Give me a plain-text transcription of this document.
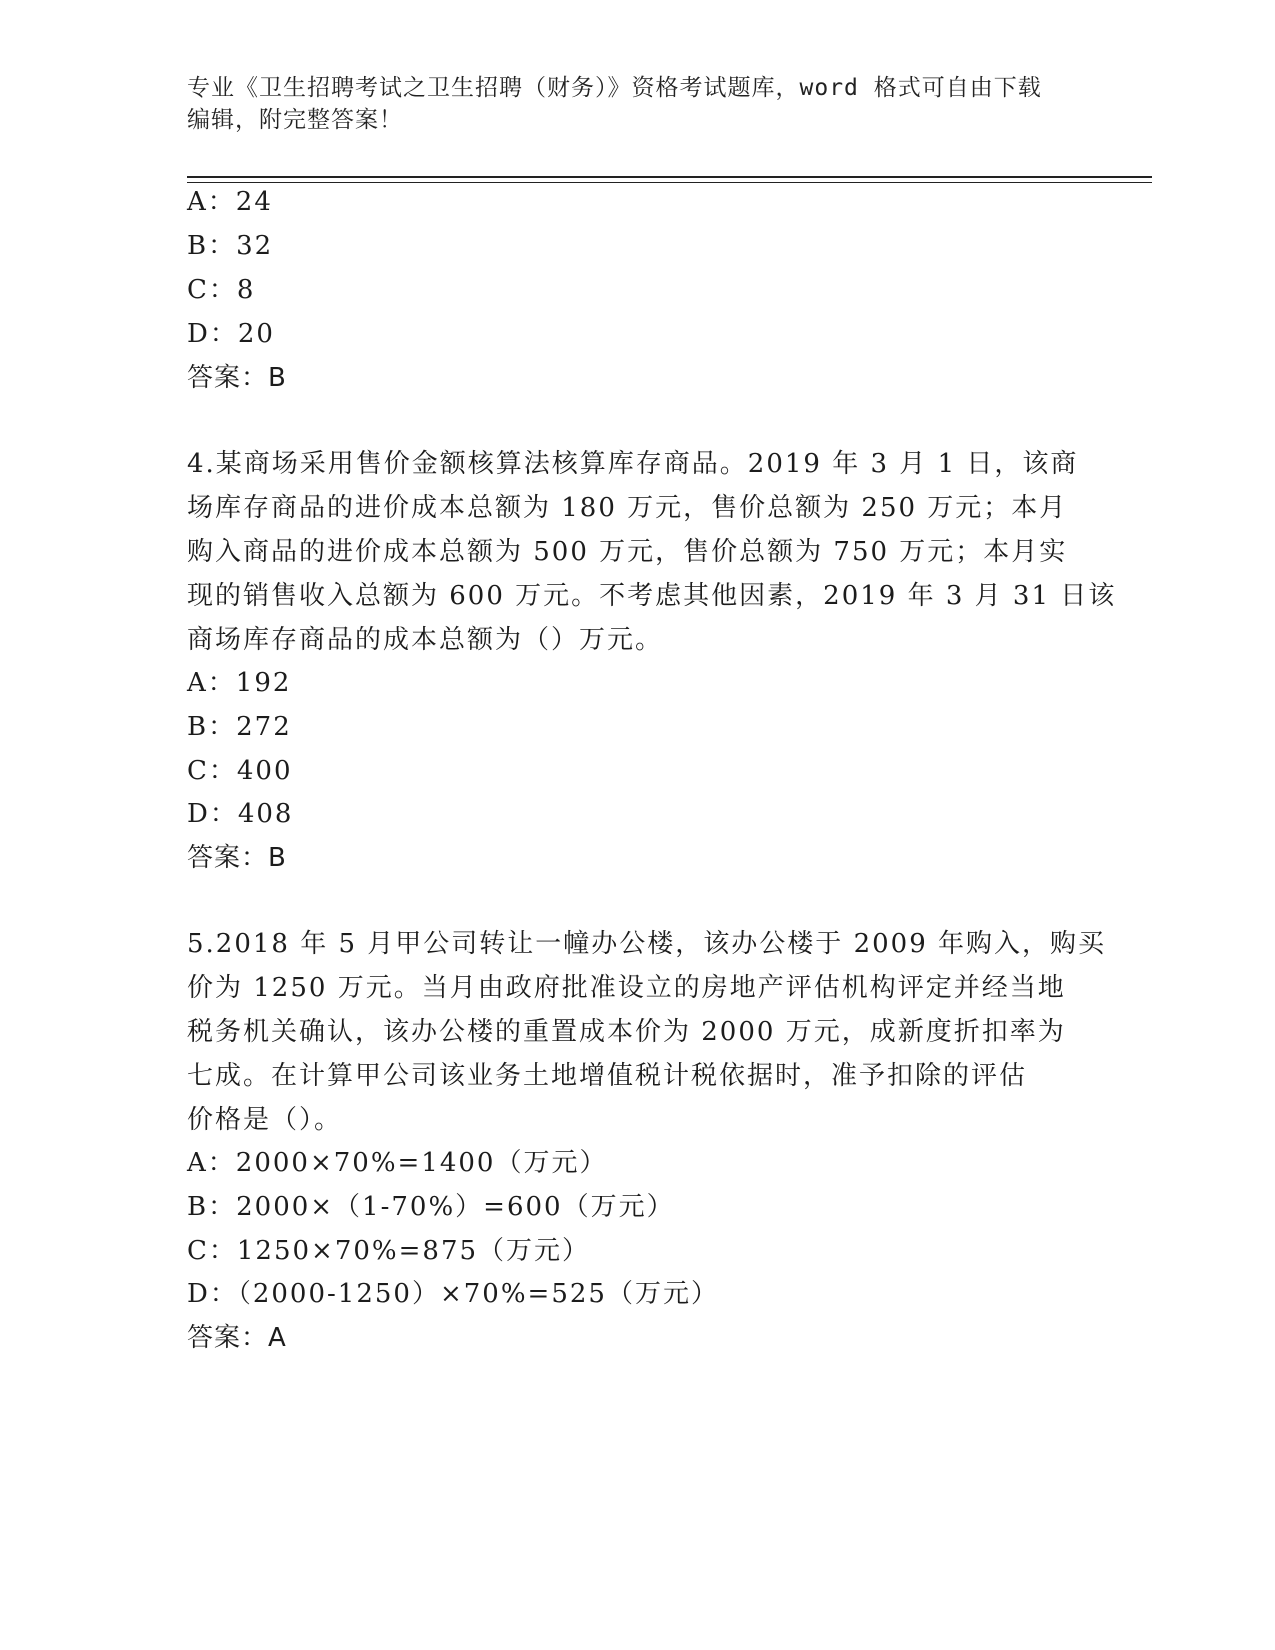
专业《卫生招聘考试之卫生招聘（财务）》资格考试题库，word 格式可自由下载
编辑，附完整答案！
A：24
B：32
C：8
D：20
答案：B
4.某商场采用售价金额核算法核算库存商品。2019 年 3 月 1 日，该商
场库存商品的进价成本总额为 180 万元，售价总额为 250 万元；本月
购入商品的进价成本总额为 500 万元，售价总额为 750 万元；本月实
现的销售收入总额为 600 万元。不考虑其他因素，2019 年 3 月 31 日该
商场库存商品的成本总额为（）万元。
A：192
B：272
C：400
D：408
答案：B
5.2018 年 5 月甲公司转让一幢办公楼，该办公楼于 2009 年购入，购买
价为 1250 万元。当月由政府批准设立的房地产评估机构评定并经当地
税务机关确认，该办公楼的重置成本价为 2000 万元，成新度折扣率为
七成。在计算甲公司该业务土地增值税计税依据时，准予扣除的评估
价格是（）。
A：2000×70%=1400（万元）
B：2000×（1-70%）=600（万元）
C：1250×70%=875（万元）
D：（2000-1250）×70%=525（万元）
答案：A
